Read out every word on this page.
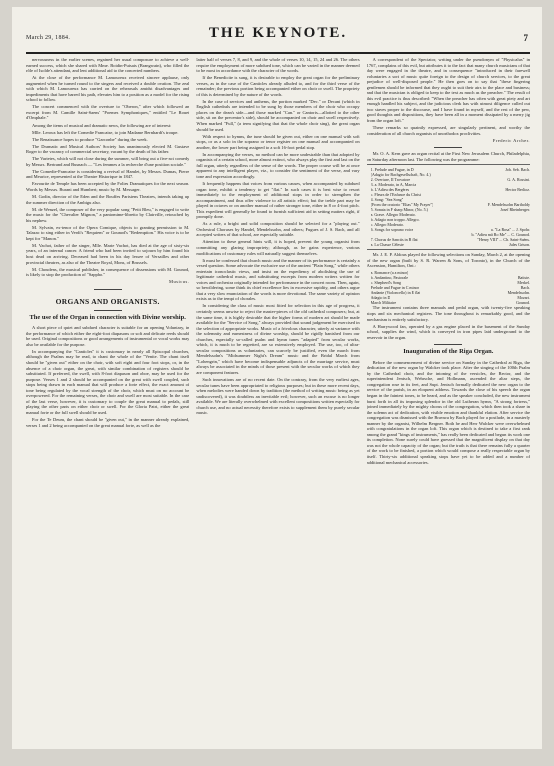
March 29, 1884.	THE KEYNOTE.	7

nervousness in the earlier scenes, regained her usual composure to achieve a well-earned success, which she shared with Mme. Boidin-Puisais (Brangwain), who filled the rôle of Isolde's attendant, and lent additional aid to the concerted numbers.

At the close of the performance M. Lamoureux received sincere applause, only augmented when he turned round to the singers and received a double ovation. The zeal with which M. Lamoureux has carried on the rehearsals amidst disadvantages and impediments that have barred his path, elevates him to a position as a model for the rising school to follow.

The concert commenced with the overture to "Oberon," after which followed an excerpt from M. Camille Saint-Saens' "Poemes Symphoniques," entitled "Le Rouet d'Omphale."

Among the items of musical and dramatic news, the following are of interest:

Mlle. Leroux has left the Comedie Francaise, to join Madame Bernhardt's troupe.

The Renaissance hopes to produce "Garconbe" during the week.

The Dramatic and Musical Authors' Society has unanimously elected M. Gustave Roger to the vacancy of commercial secretary, vacant by the death of his father.

The Varietes, which will not close during the summer, will bring out a five-act comedy by Messrs. Bertrand and Busnach — "Les femmes a la recherche d'une position sociale."

The Comedie-Francaise is considering a revival of Hamlet, by Messrs. Dumas, Pierre and Meurice, represented at the Theatre Historique in 1847.

Favourite de Temple has been accepted by the Folies Dramatiques for the next season. Words by Messrs. Burani and Humbert; music by M. Messager.

M. Godin, director of the Eden and the Bouffes Parisiens Theatres, intends taking up the summer direction of the Ambigu also.

M. de Wenzel, the composer of the very popular song "Petit Bleu," is engaged to write the music for the "Chevalier Mignon," a pantomime-libretto by Clairville, retouched by his nephew.

M. Sylvain, ex-tenor of the Opera Comique, objects to granting permission to M. Talazac to sing either in Verdi's "Requiem" or Gounod's "Redemption." His voice is to be kept for "Manon."

M. Vachot, father of the singer, Mlle. Marie Vachot, has died at the age of sixty-six years, of an internal cancer. A friend who had been invited to sojourn by him found his host dead on arriving. Deceased had been in his day lessee of Versailles and other provincial theatres, as also of the Theatre Royal, Mons, of Brussels.

M. Choudens, the musical publisher, in consequence of dissensions with M. Gounod, is likely to stop the production of "Sappho."

Musicus.
ORGANS AND ORGANISTS.
The use of the Organ in connection with Divine worship.

A short piece of quiet and subdued character is suitable for an opening Voluntary, in the performance of which either the eight-foot diapasons or soft and delicate reeds should be used. Original compositions or good arrangements of instrumental or vocal works may also be available for the purpose.

In accompanying the "Canticles" it is customary in nearly all Episcopal churches, although the Psalms may be read, to chant the whole of the "Venite. The chant itself should be "given out" either on the choir, with soft eight and four foot stops, or, in the absence of a choir organ, the great, with similar combination of registers should be substituted. If preferred, the swell, with 8-foot diapason and oboe, may be used for the purpose. Verses 1 and 2 should be accompanied on the great with swell coupled, such stops being drawn in each manual that will produce a forte effect, the exact amount of tone being regulated by the vocal strength of the choir, which must on no account be overpowered. For the remaining verses, the choir and swell are most suitable. In the case of the last verse, however, it is customary to couple the great manual to pedals, still playing the other parts on either choir or swell. For the Gloria Patri, either the great manual forte or the full swell should be used.

For the Te Deum, the chant should be "given out," in the manner already explained, verses 1 and 2 being accompanied on the great manual forte, as well as the

latter half of verses 7, 8, and 9, and the whole of verses 10, 14, 15, 24 and 26. The others require the employment of more subdued tone, which can be varied in the manner deemed to be most in accordance with the character of the words.

If the Benedicite is sung, it is desirable to employ the great organ for the preliminary verses, as in the case of the Canticles already alluded to, and for the third verse of the remainder; the previous portion being accompanied either on choir or swell. The propriety of this is determined by the nature of the words.

In the case of services and anthems, the portion marked "Dec." or Decani (which in English cathedrals are intended to be sung by those members of the choir who occupy places on the dean's side—and those marked "Can." or Cantoris—allotted to the other side, sit on the precentor's side), should be accompanied on choir and swell respectively. When marked "Full," (a term signifying that that the whole choir sing), the great organ should be used.

With respect to hymns, the tune should be given out, either on one manual with soft stops, or as a solo in the soprano or tenor register on one manual and accompanied on another, the lower part being assigned to a soft 16-foot pedal stop.

In accompanying the verses, no method can be more undesirable than that adopted by organists of a certain school, more almost extinct, who always play the first and last on the full organ, utterly regardless of the sense of the words. The proper course will be at once apparent to any intelligent player, viz., to consider the sentiment of the verse, and vary tone and expression accordingly.

It frequently happens that voices from various causes, when accompanied by subdued organ tone, exhibit a tendency to get "flat." In such cases it is best wise to resort immediately to the employment of additional stops in order to strengthen the accompaniment, and thus offer violence to all artistic effect; but the treble part may be played in octaves or on another manual of rather stronger tone, either in 8 or 4-foot pitch. This expedient will generally be found to furnish sufficient aid in setting matters right, if promptly done.

As a rule, a bright and solid composition should be selected for a "playing out." Orchestral Choruses by Handel, Mendelssohn, and others; Fugues of J. S. Bach, and all accepted writers of that school, are especially suitable.

Attention to these general hints will, it is hoped, prevent the young organist from committing any glaring impropriety; although, as he gains experience, various modifications of customary rules will naturally suggest themselves.

It must be confessed that church music and the manner of its performance is certainly a vexed question. Some advocate the exclusive use of the ancient "Plain Song," while others entertain iconoclastic views, and insist on the expediency of abolishing the use of legitimate cathedral music, and substituting excerpts from modern writers written for voices and orchestra originally intended for performance in the concert room. Then, again, so bewildering, some think its chief excellence lies in excessive rapidity, and others argue that a very slow enunciation of the words is more devotional. The same variety of opinion exists as to the tempi of chorales.

In considering the class of music most fitted for selection in this age of progress, it certainly seems unwise to reject the master-pieces of the old cathedral composers; but, at the same time, it is highly desirable that the higher forms of modern art should be made available for the "Service of Song," always provided that sound judgement be exercised in the selection of appropriate works. Music of a frivolous character, utterly at variance with the solemnity and earnestness of divine worship, should be rigidly banished from our churches, especially so-called psalm and hymn tunes "adapted" from secular works, which, it is much to be regretted, are so extensively employed. The use, too, of ultra-secular compositions as voluntaries, can scarcely be justified, even the march from Mendelssohn's "Midsummer Night's Dream" music and the Bridal March from "Lohengrin," which have become indispensable adjuncts of the marriage service, must always be associated in the minds of those present with the secular works of which they are component features.

Such innovations are of no recent date. On the contrary, from the very earliest ages, secular tunes have been appropriated to religious purposes; but in these more recent days, when melodies were handed down by tradition (the method of writing music being as yet undiscovered), it was doubtless an inevitable evil; however, such an excuse is no longer available. We are literally overwhelmed with excellent compositions written especially for church use, and no actual necessity therefore exists to supplement them by purely secular music.

A correspondent of the Spectator, writing under the pseudonym of "Physicalus" in 1767, complains of this evil, but attributes it to the fact that many church musicians of that day were engaged in the theatre, and in consequence "introduced in their farewell voluntaries a sort of music quite foreign to the design of church services, to the great prejudice of well-disposed people." He then goes on to say that "these fingering gentlemen should be informed that they ought to suit their airs to the place and business; and that the musician is obliged to keep to the text as much as the preacher." The result of this evil practice is thus described: "When the preacher has often with great piety and art enough handled his subject, and the judicious clerk has with utmost diligence culled out two staves proper to the discourse, and I have found in myself, and the rest of the pew, good thoughts and dispositions, they have been all in a moment dissipated by a merry jig from the organ loft."

These remarks so quaintly expressed, are singularly pertinent, and worthy the consideration of all church organists of unorthodox proclivities.

Frederic Archer.

Mr. O. A. Kern gave an organ recital at the First New Jerusalem Church, Philadelphia, on Saturday afternoon last. The following was the programme:

1. Prelude and Fugue, in D	Joh. Seb. Bach.
(Adagio for Bachgesellschaft, No. 4.)
2. Overture, II Trovatore	G. A. Rossini.
3. a. Moderato, in A, Marcia
b. L'Adieu des Bergères	Hector Berlioz.
c. Fleurs de l'Enfance du Christ
4. Song: "Sea Song"
(From the oratorio "Elias" My Prayer")	F. Mendelssohn Bartholdy
5. Sonata in F sharp Minor, (No. 5.)	Josef Rheinberger.
a. Grave. Allegro Moderato.
b. Adagio non troppo. Allegro.
c. Allegro Moderato.
6. Songs for soprano voice	a. "La Rosa" ... J. Spohr.
b. "Adieu mā Ro Me" ... C. Gounod.
7. Chorus de Sanctis in B flat	"Henry VIII" ... Ch. Saint-Saëns.
a. La Chasse Céleste	Jules Grison.

Mr. J. E. P. Aldous played the following selections on Sunday, March 2, at the opening of the new organ (built by S. R. Warren & Sons, of Toronto), in the Church of the Ascension, Hamilton, Ont.:

a. Romance (a a minor)
b. Andantino, Pastorale	Batiste.
c. Shepherd's Song	Merkel.
Prelude and Fugue in C minor	Bach.
Andante (Violoncello) in E flat	Mendelssohn.
Adagio in D	Mozart.
March Militaire	Gounod.

The instrument contains three manuals and pedal organ, with twenty-five speaking stops and six mechanical registers. The tone throughout is remarkably good, and the mechanism is entirely satisfactory.

A Harrywood fan, operated by a gas engine placed in the basement of the Sunday school, supplies the wind, which is conveyed in iron pipes laid underground to the reservoir in the organ.

Inauguration of the Riga Organ.

Before the commencement of divine service on Sunday in the Cathedral at Riga, the dedication of the new organ by Walcker took place. After the singing of the 100th Psalm by the Cathedral choir, and the intoning of the versicles, the Rector, and the superintendent Jentsch, Wehrsche, and Hollmann, ascended the altar steps, the congregation rose in its feet, and Supt. Jentsch formally dedicated the new organ to the service of the parish, in an eloquent address. Towards the close of his speech the organ began in the faintest tones, to be heard, and as the speaker concluded, the new instrument burst forth in all its imposing splendor in the old Lutheran hymn, "A strong fortress," joined immediately by the mighty chorus of the congregation, which then took a share in the solemn act of dedication, with visible emotion and thankful elation. After service the congregation was dismissed with the Bravura by Bach played for a postlude, in a masterly manner by the organist, Wilhelm Bergner. Both he and Herr Walcker were overwhelmed with congratulations in the organ loft. This organ which is destined to take a first rank among the grand "kings of instruments," has really been dedicated and begun its work one its completion. None surely could have guessed that the magnificent display on that day was not the whole capacity of the organ; but the truth is that there remains fully a quarter of the work to be finished, a portion which would compose a really respectable organ by itself. Thirty-six additional speaking stops have yet to be added and a number of additional mechanical accessories.
